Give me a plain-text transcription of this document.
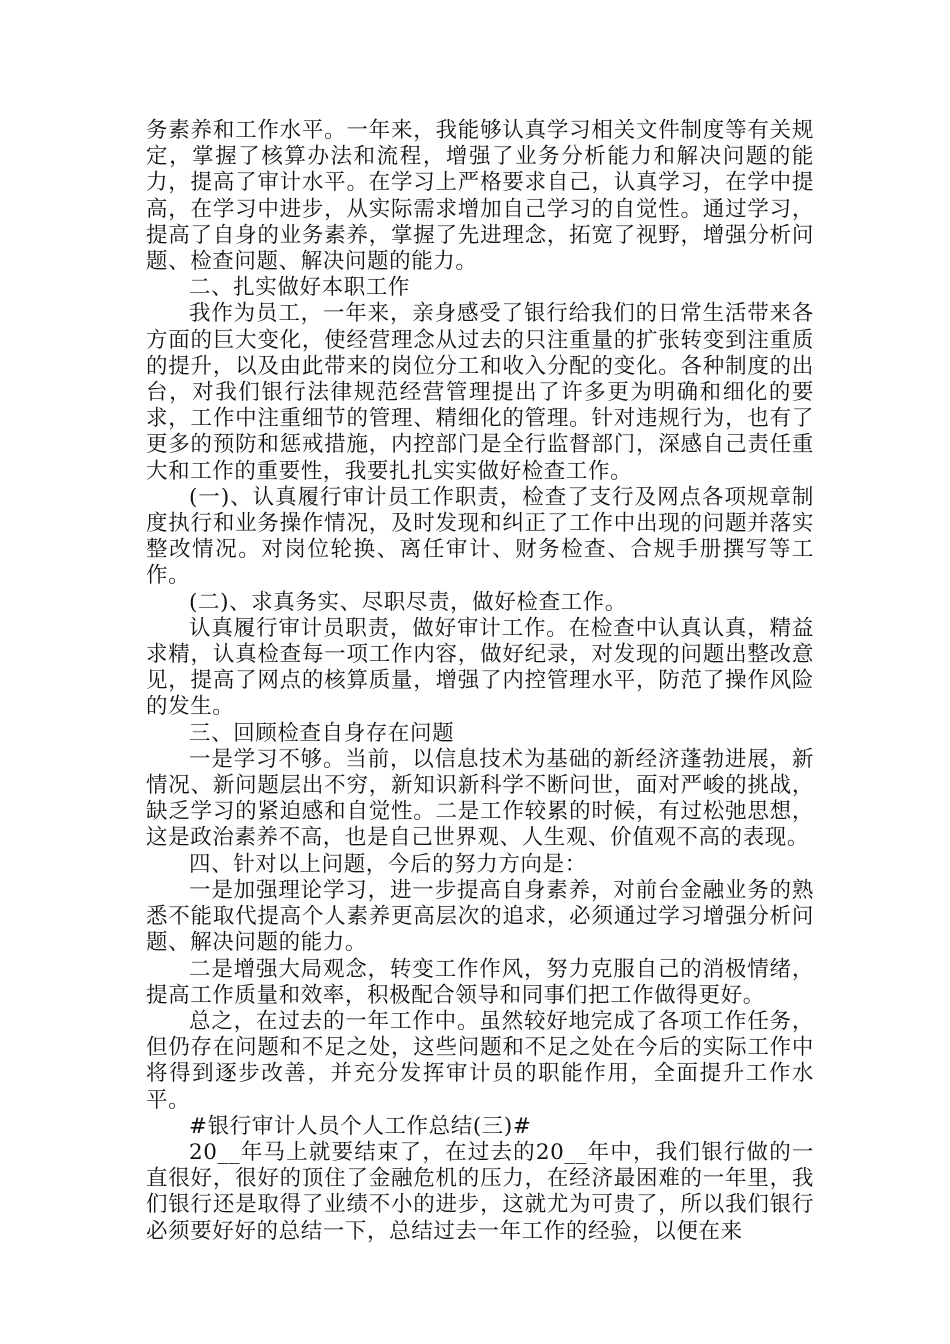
务素养和工作水平。一年来，我能够认真学习相关文件制度等有关规定，掌握了核算办法和流程，增强了业务分析能力和解决问题的能力，提高了审计水平。在学习上严格要求自己，认真学习，在学中提高，在学习中进步，从实际需求增加自己学习的自觉性。通过学习，提高了自身的业务素养，掌握了先进理念，拓宽了视野，增强分析问题、检查问题、解决问题的能力。

二、扎实做好本职工作

我作为员工，一年来，亲身感受了银行给我们的日常生活带来各方面的巨大变化，使经营理念从过去的只注重量的扩张转变到注重质的提升，以及由此带来的岗位分工和收入分配的变化。各种制度的出台，对我们银行法律规范经营管理提出了许多更为明确和细化的要求，工作中注重细节的管理、精细化的管理。针对违规行为，也有了更多的预防和惩戒措施，内控部门是全行监督部门，深感自己责任重大和工作的重要性，我要扎扎实实做好检查工作。

(一)、认真履行审计员工作职责，检查了支行及网点各项规章制度执行和业务操作情况，及时发现和纠正了工作中出现的问题并落实整改情况。对岗位轮换、离任审计、财务检查、合规手册撰写等工作。

(二)、求真务实、尽职尽责，做好检查工作。

认真履行审计员职责，做好审计工作。在检查中认真认真，精益求精，认真检查每一项工作内容，做好纪录，对发现的问题出整改意见，提高了网点的核算质量，增强了内控管理水平，防范了操作风险的发生。

三、回顾检查自身存在问题

一是学习不够。当前，以信息技术为基础的新经济蓬勃进展，新情况、新问题层出不穷，新知识新科学不断问世，面对严峻的挑战，缺乏学习的紧迫感和自觉性。二是工作较累的时候，有过松弛思想，这是政治素养不高，也是自己世界观、人生观、价值观不高的表现。

四、针对以上问题，今后的努力方向是：

一是加强理论学习，进一步提高自身素养，对前台金融业务的熟悉不能取代提高个人素养更高层次的追求，必须通过学习增强分析问题、解决问题的能力。

二是增强大局观念，转变工作作风，努力克服自己的消极情绪，提高工作质量和效率，积极配合领导和同事们把工作做得更好。

总之，在过去的一年工作中。虽然较好地完成了各项工作任务，但仍存在问题和不足之处，这些问题和不足之处在今后的实际工作中将得到逐步改善，并充分发挥审计员的职能作用，全面提升工作水平。

#银行审计人员个人工作总结(三)#

20__年马上就要结束了，在过去的20__年中，我们银行做的一直很好，很好的顶住了金融危机的压力，在经济最困难的一年里，我们银行还是取得了业绩不小的进步，这就尤为可贵了，所以我们银行必须要好好的总结一下，总结过去一年工作的经验，以便在来
